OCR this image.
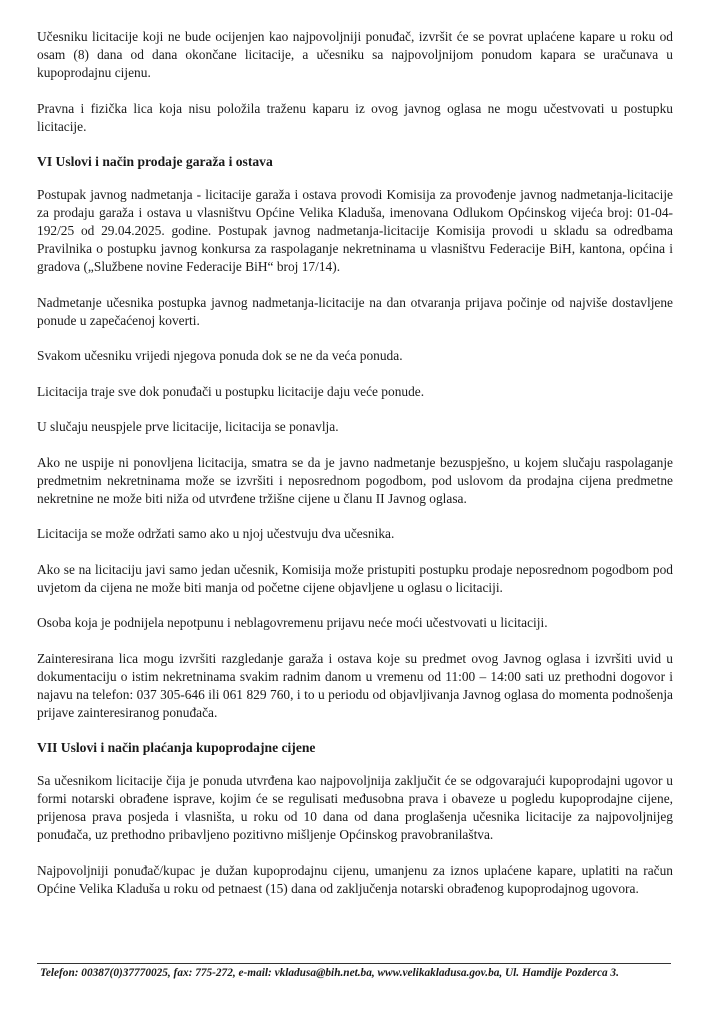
Učesniku licitacije koji ne bude ocijenjen kao najpovoljniji ponuđač, izvršit će se povrat uplaćene kapare u roku od osam (8) dana od dana okončane licitacije, a učesniku sa najpovoljnijom ponudom kapara se uračunava u kupoprodajnu cijenu.

Pravna i fizička lica koja nisu položila traženu kaparu iz ovog javnog oglasa ne mogu učestvovati u postupku licitacije.

VI Uslovi i način prodaje garaža i ostava

Postupak javnog nadmetanja - licitacije garaža i ostava provodi Komisija za provođenje javnog nadmetanja-licitacije za prodaju garaža i ostava u vlasništvu Općine Velika Kladuša, imenovana Odlukom Općinskog vijeća broj: 01-04-192/25 od 29.04.2025. godine. Postupak javnog nadmetanja-licitacije Komisija provodi u skladu sa odredbama Pravilnika o postupku javnog konkursa za raspolaganje nekretninama u vlasništvu Federacije BiH, kantona, općina i gradova („Službene novine Federacije BiH“ broj 17/14).

Nadmetanje učesnika postupka javnog nadmetanja-licitacije na dan otvaranja prijava počinje od najviše dostavljene ponude u zapečaćenoj koverti.

Svakom učesniku vrijedi njegova ponuda dok se ne da veća ponuda.

Licitacija traje sve dok ponuđači u postupku licitacije daju veće ponude.

U slučaju neuspjele prve licitacije, licitacija se ponavlja.

Ako ne uspije ni ponovljena licitacija, smatra se da je javno nadmetanje bezuspješno, u kojem slučaju raspolaganje predmetnim nekretninama može se izvršiti i neposrednom pogodbom, pod uslovom da prodajna cijena predmetne nekretnine ne može biti niža od utvrđene tržišne cijene u članu II Javnog oglasa.

Licitacija se može održati samo ako u njoj učestvuju dva učesnika.

Ako se na licitaciju javi samo jedan učesnik, Komisija može pristupiti postupku prodaje neposrednom pogodbom pod uvjetom da cijena ne može biti manja od početne cijene objavljene u oglasu o licitaciji.

Osoba koja je podnijela nepotpunu i neblagovremenu prijavu neće moći učestvovati u licitaciji.

Zainteresirana lica mogu izvršiti razgledanje garaža i ostava koje su predmet ovog Javnog oglasa i izvršiti uvid u dokumentaciju o istim nekretninama svakim radnim danom u vremenu od 11:00 – 14:00 sati uz prethodni dogovor i najavu na telefon: 037 305-646 ili 061 829 760, i to u periodu od objavljivanja Javnog oglasa do momenta podnošenja prijave zainteresiranog ponuđača.

VII Uslovi i način plaćanja kupoprodajne cijene

Sa učesnikom licitacije čija je ponuda utvrđena kao najpovoljnija zaključit će se odgovarajući kupoprodajni ugovor u formi notarski obrađene isprave, kojim će se regulisati međusobna prava i obaveze u pogledu kupoprodajne cijene, prijenosa prava posjeda i vlasništa, u roku od 10 dana od dana proglašenja učesnika licitacije za najpovoljnijeg ponuđača, uz prethodno pribavljeno pozitivno mišljenje Općinskog pravobranilaštva.

Najpovoljniji ponuđač/kupac je dužan kupoprodajnu cijenu, umanjenu za iznos uplaćene kapare, uplatiti na račun Općine Velika Kladuša u roku od petnaest (15) dana od zaključenja notarski obrađenog kupoprodajnog ugovora.

Telefon: 00387(0)37770025, fax: 775-272, e-mail: vkladusa@bih.net.ba, www.velikakladusa.gov.ba, Ul. Hamdije Pozderca 3.
